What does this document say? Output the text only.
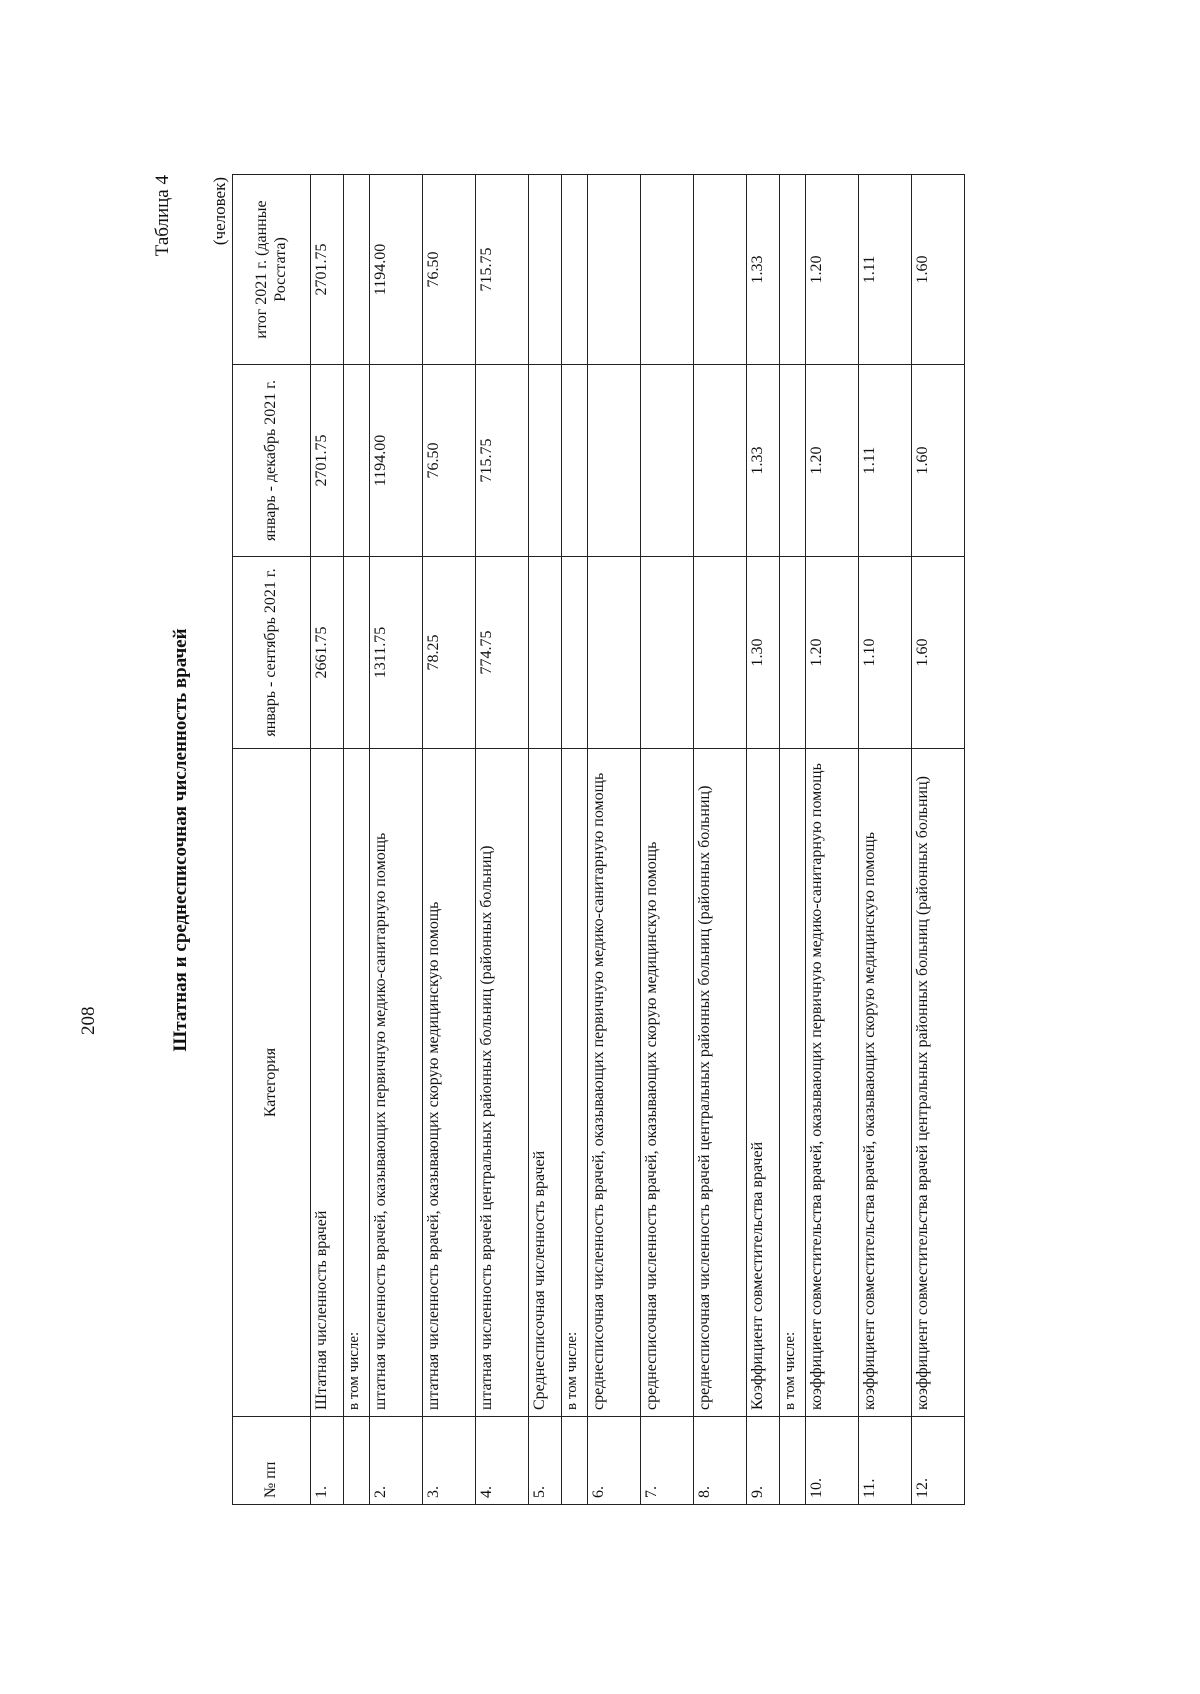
208
Таблица 4
Штатная и среднесписочная численность врачей
(человек)
№ пп	Категория	январь - сентябрь 2021 г.	январь - декабрь 2021 г.	итог 2021 г. (данные Росстата)
1.	Штатная численность врачей	2661.75	2701.75	2701.75
	в том числе:			
2.	штатная численность врачей, оказывающих первичную медико-санитарную помощь	1311.75	1194.00	1194.00
3.	штатная численность врачей, оказывающих скорую медицинскую помощь	78.25	76.50	76.50
4.	штатная численность врачей центральных районных больниц (районных больниц)	774.75	715.75	715.75
5.	Среднесписочная численность врачей			
	в том числе:			
6.	среднесписочная численность врачей, оказывающих первичную медико-санитарную помощь			
7.	среднесписочная численность врачей, оказывающих скорую медицинскую помощь			
8.	среднесписочная численность врачей центральных районных больниц (районных больниц)			
9.	Коэффициент совместительства врачей	1.30	1.33	1.33
	в том числе:			
10.	коэффициент совместительства врачей, оказывающих первичную медико-санитарную помощь	1.20	1.20	1.20
11.	коэффициент совместительства врачей, оказывающих скорую медицинскую помощь	1.10	1.11	1.11
12.	коэффициент совместительства врачей центральных районных больниц (районных больниц)	1.60	1.60	1.60
